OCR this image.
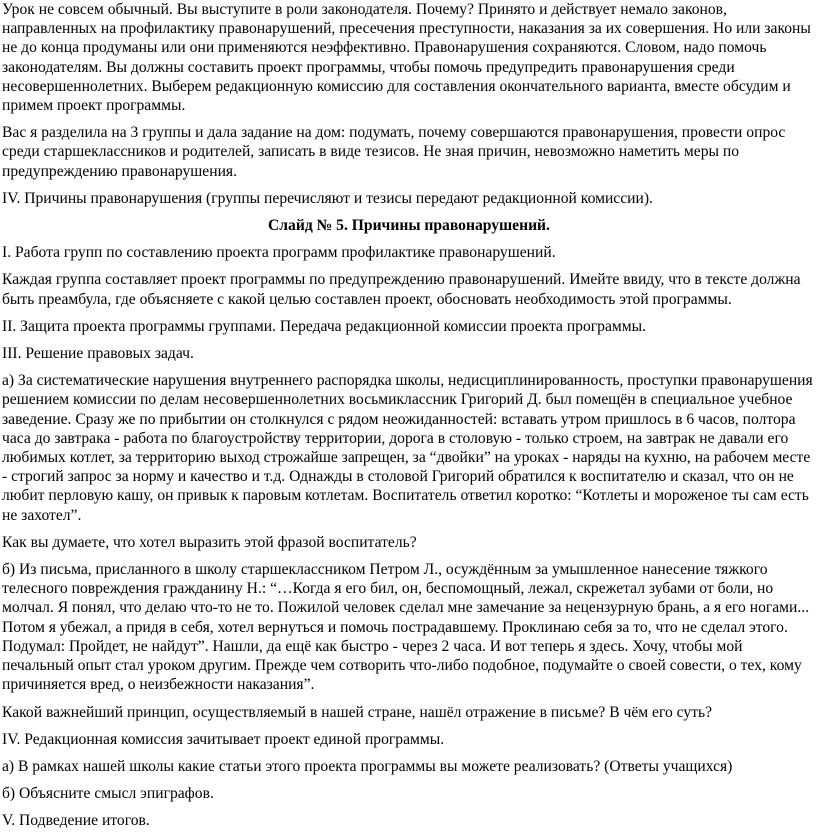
Урок не совсем обычный. Вы выступите в роли законодателя. Почему? Принято и действует немало законов, направленных на профилактику правонарушений, пресечения преступности, наказания за их совершения. Но или законы не до конца продуманы или они применяются неэффективно. Правонарушения сохраняются. Словом, надо помочь законодателям. Вы должны составить проект программы, чтобы помочь предупредить правонарушения среди несовершеннолетних. Выберем редакционную комиссию для составления окончательного варианта, вместе обсудим и примем проект программы.

Вас я разделила на 3 группы и дала задание на дом: подумать, почему совершаются правонарушения, провести опрос среди старшеклассников и родителей, записать в виде тезисов. Не зная причин, невозможно наметить меры по предупреждению правонарушения.

IV. Причины правонарушения (группы перечисляют и тезисы передают редакционной комиссии).

Слайд № 5. Причины правонарушений.

I. Работа групп по составлению проекта программ профилактике правонарушений.

Каждая группа составляет проект программы по предупреждению правонарушений. Имейте ввиду, что в тексте должна быть преамбула, где объясняете с какой целью составлен проект, обосновать необходимость этой программы.

II. Защита проекта программы группами. Передача редакционной комиссии проекта программы.

III. Решение правовых задач.

а) За систематические нарушения внутреннего распорядка школы, недисциплинированность, проступки правонарушения решением комиссии по делам несовершеннолетних восьмиклассник Григорий Д. был помещён в специальное учебное заведение. Сразу же по прибытии он столкнулся с рядом неожиданностей: вставать утром пришлось в 6 часов, полтора часа до завтрака - работа по благоустройству территории, дорога в столовую - только строем, на завтрак не давали его любимых котлет, за территорию выход строжайше запрещен, за “двойки” на уроках - наряды на кухню, на рабочем месте - строгий запрос за норму и качество и т.д. Однажды в столовой Григорий обратился к воспитателю и сказал, что он не любит перловую кашу, он привык к паровым котлетам. Воспитатель ответил коротко: “Котлеты и мороженое ты сам есть не захотел”.

Как вы думаете, что хотел выразить этой фразой воспитатель?

б) Из письма, присланного в школу старшеклассником Петром Л., осуждённым за умышленное нанесение тяжкого телесного повреждения гражданину Н.: “…Когда я его бил, он, беспомощный, лежал, скрежетал зубами от боли, но молчал. Я понял, что делаю что-то не то. Пожилой человек сделал мне замечание за нецензурную брань, а я его ногами... Потом я убежал, а придя в себя, хотел вернуться и помочь пострадавшему. Проклинаю себя за то, что не сделал этого. Подумал: Пройдет, не найдут”. Нашли, да ещё как быстро - через 2 часа. И вот теперь я здесь. Хочу, чтобы мой печальный опыт стал уроком другим. Прежде чем сотворить что-либо подобное, подумайте о своей совести, о тех, кому причиняется вред, о неизбежности наказания”.

Какой важнейший принцип, осуществляемый в нашей стране, нашёл отражение в письме? В чём его суть?

IV. Редакционная комиссия зачитывает проект единой программы.

а) В рамках нашей школы какие статьи этого проекта программы вы можете реализовать? (Ответы учащихся)

б) Объясните смысл эпиграфов.

V. Подведение итогов.
